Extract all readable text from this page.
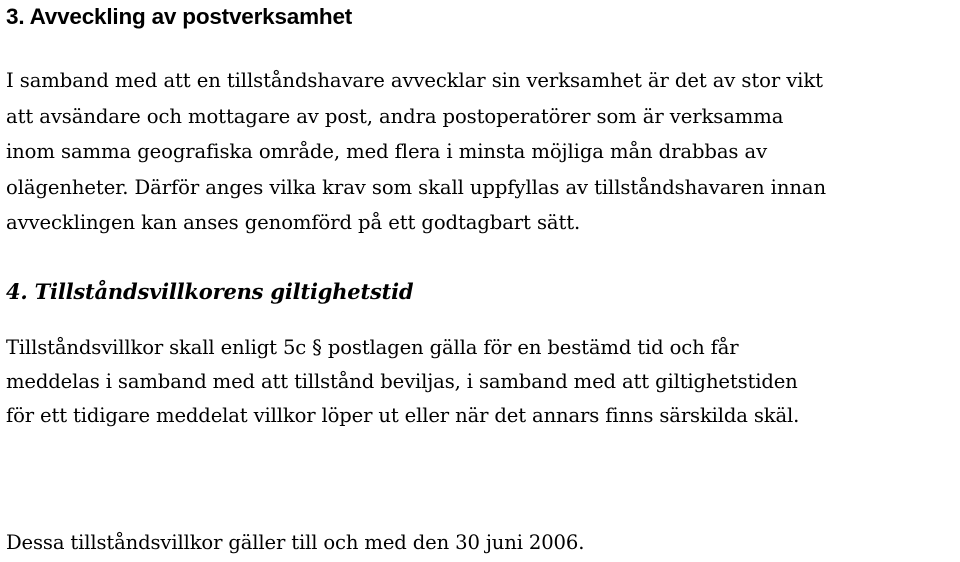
3. Avveckling av postverksamhet
I samband med att en tillståndshavare avvecklar sin verksamhet är det av stor vikt
att avsändare och mottagare av post, andra postoperatörer som är verksamma
inom samma geografiska område, med flera i minsta möjliga mån drabbas av
olägenheter. Därför anges vilka krav som skall uppfyllas av tillståndshavaren innan
avvecklingen kan anses genomförd på ett godtagbart sätt.
4. Tillståndsvillkorens giltighetstid
Tillståndsvillkor skall enligt 5c § postlagen gälla för en bestämd tid och får
meddelas i samband med att tillstånd beviljas, i samband med att giltighetstiden
för ett tidigare meddelat villkor löper ut eller när det annars finns särskilda skäl.
Dessa tillståndsvillkor gäller till och med den 30 juni 2006.
